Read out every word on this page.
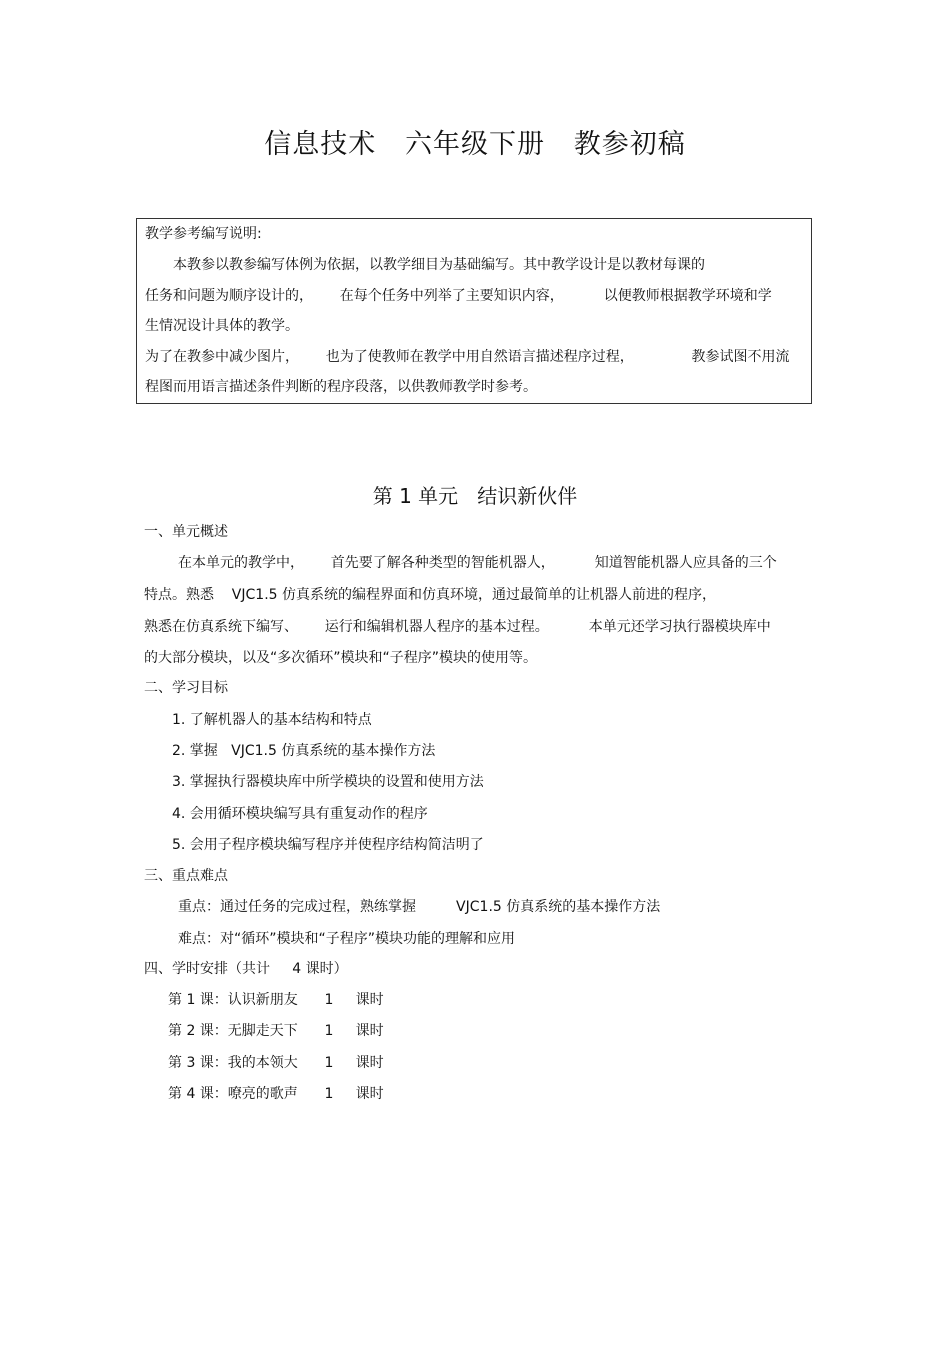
信息技术   六年级下册   教参初稿
教学参考编写说明:
本教参以教参编写体例为依据，以教学细目为基础编写。其中教学设计是以教材每课的
任务和问题为顺序设计的，      在每个任务中列举了主要知识内容，         以便教师根据教学环境和学
生情况设计具体的教学。
为了在教参中减少图片，      也为了使教师在教学中用自然语言描述程序过程，             教参试图不用流
程图而用语言描述条件判断的程序段落，以供教师教学时参考。
第 1 单元   结识新伙伴
一、单元概述
在本单元的教学中，      首先要了解各种类型的智能机器人，         知道智能机器人应具备的三个
特点。熟悉    VJC1.5 仿真系统的编程界面和仿真环境，通过最简单的让机器人前进的程序，
熟悉在仿真系统下编写、      运行和编辑机器人程序的基本过程。         本单元还学习执行器模块库中
的大部分模块，以及“多次循环”模块和“子程序”模块的使用等。
二、学习目标
1. 了解机器人的基本结构和特点
2. 掌握   VJC1.5 仿真系统的基本操作方法
3. 掌握执行器模块库中所学模块的设置和使用方法
4. 会用循环模块编写具有重复动作的程序
5. 会用子程序模块编写程序并使程序结构简洁明了
三、重点难点
重点：通过任务的完成过程，熟练掌握         VJC1.5 仿真系统的基本操作方法
难点：对“循环”模块和“子程序”模块功能的理解和应用
四、学时安排（共计     4 课时）
第 1 课：认识新朋友      1     课时
第 2 课：无脚走天下      1     课时
第 3 课：我的本领大      1     课时
第 4 课：嘹亮的歌声      1     课时
